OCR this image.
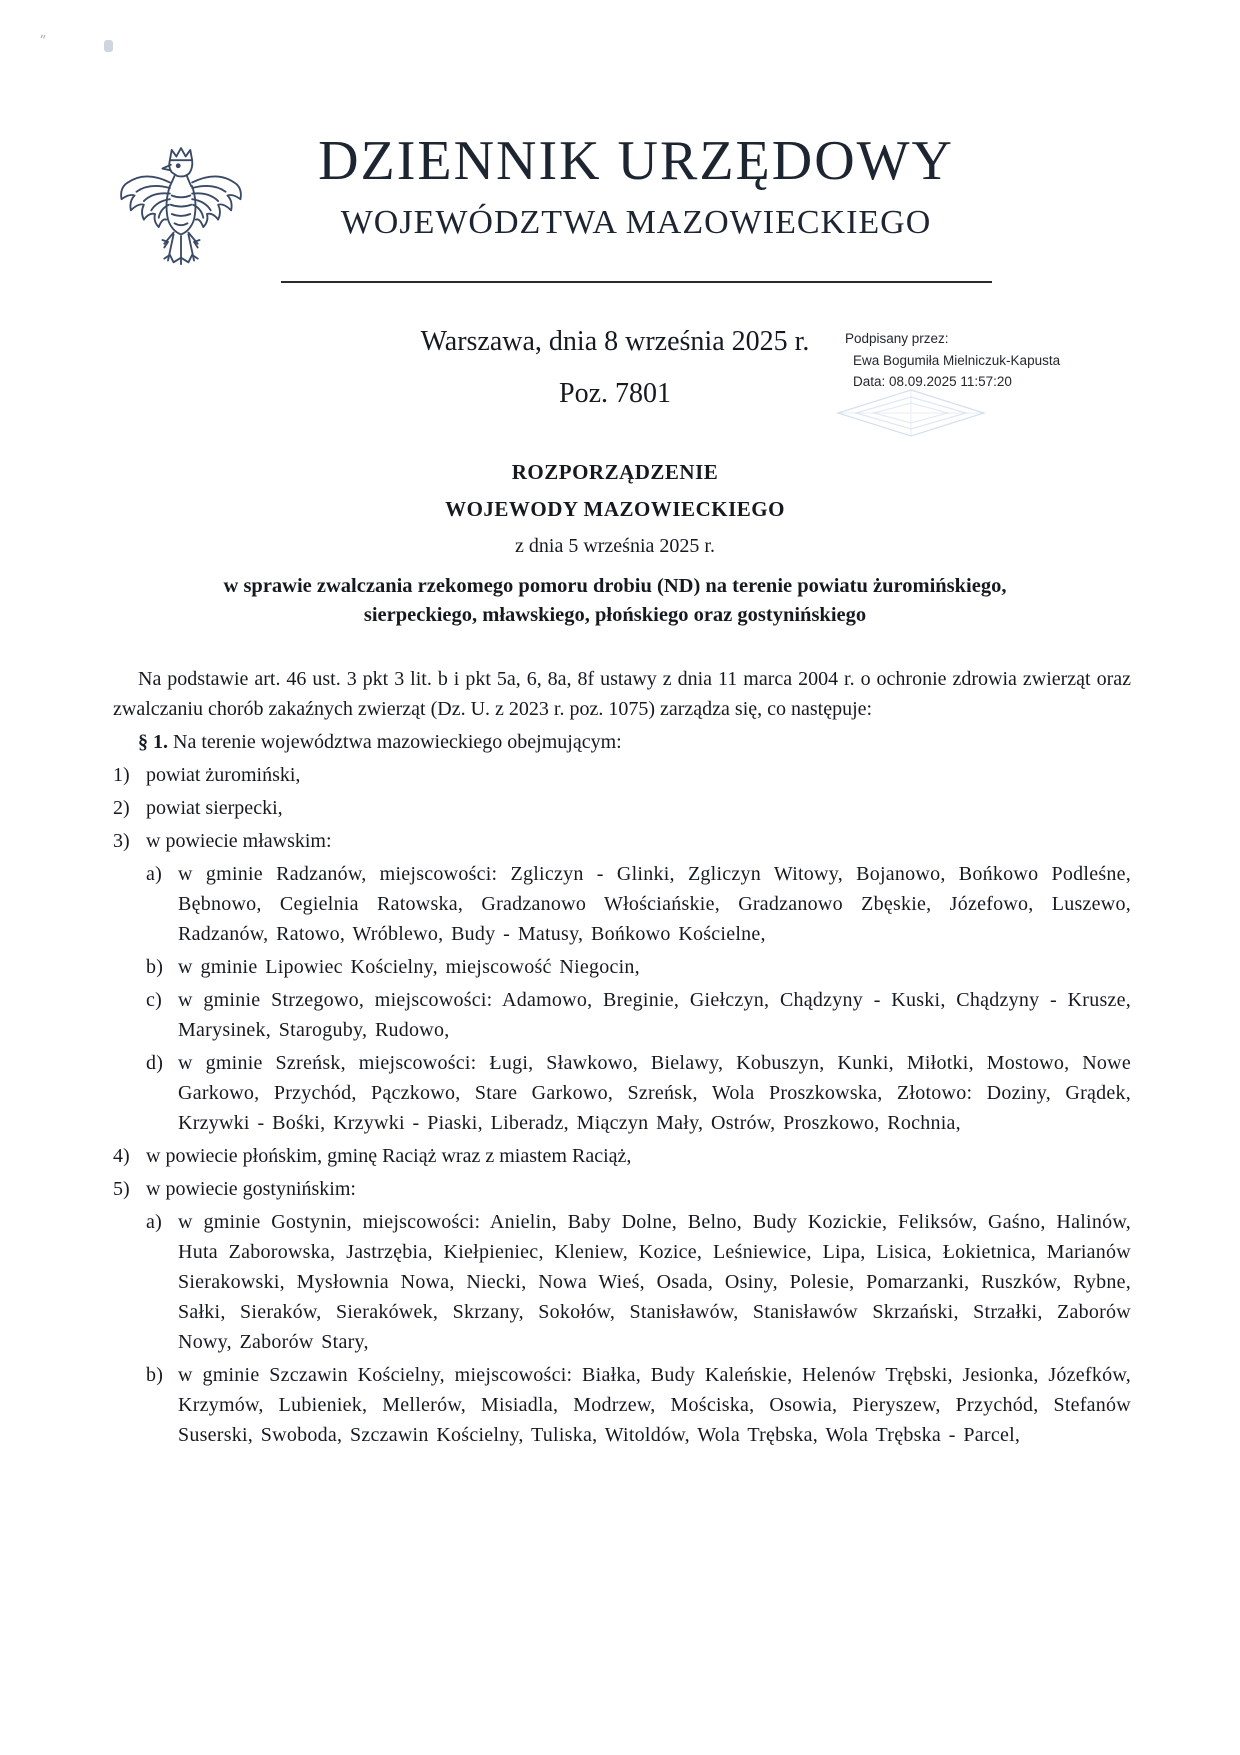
ʺ
DZIENNIK URZĘDOWY
WOJEWÓDZTWA MAZOWIECKIEGO
Warszawa, dnia 8 września 2025 r.
Poz. 7801
Podpisany przez:
Ewa Bogumiła Mielniczuk-Kapusta
Data: 08.09.2025 11:57:20
ROZPORZĄDZENIE
WOJEWODY MAZOWIECKIEGO
z dnia 5 września 2025 r.
w sprawie zwalczania rzekomego pomoru drobiu (ND) na terenie powiatu żuromińskiego,
sierpeckiego, mławskiego, płońskiego oraz gostynińskiego

Na podstawie art. 46 ust. 3 pkt 3 lit. b i pkt 5a, 6, 8a, 8f ustawy z dnia 11 marca 2004 r. o ochronie zdrowia zwierząt oraz zwalczaniu chorób zakaźnych zwierząt (Dz. U. z 2023 r. poz. 1075) zarządza się, co następuje:

§ 1. Na terenie województwa mazowieckiego obejmującym:

1) powiat żuromiński,
2) powiat sierpecki,
3) w powiecie mławskim:
a) w gminie Radzanów, miejscowości: Zgliczyn - Glinki, Zgliczyn Witowy, Bojanowo, Bońkowo Podleśne, Bębnowo, Cegielnia Ratowska, Gradzanowo Włościańskie, Gradzanowo Zbęskie, Józefowo, Luszewo, Radzanów, Ratowo, Wróblewo, Budy - Matusy, Bońkowo Kościelne,
b) w gminie Lipowiec Kościelny, miejscowość Niegocin,
c) w gminie Strzegowo, miejscowości: Adamowo, Breginie, Giełczyn, Chądzyny - Kuski, Chądzyny - Krusze, Marysinek, Staroguby, Rudowo,
d) w gminie Szreńsk, miejscowości: Ługi, Sławkowo, Bielawy, Kobuszyn, Kunki, Miłotki, Mostowo, Nowe Garkowo, Przychód, Pączkowo, Stare Garkowo, Szreńsk, Wola Proszkowska, Złotowo: Doziny, Grądek, Krzywki - Bośki, Krzywki - Piaski, Liberadz, Miączyn Mały, Ostrów, Proszkowo, Rochnia,
4) w powiecie płońskim, gminę Raciąż wraz z miastem Raciąż,
5) w powiecie gostynińskim:
a) w gminie Gostynin, miejscowości: Anielin, Baby Dolne, Belno, Budy Kozickie, Feliksów, Gaśno, Halinów, Huta Zaborowska, Jastrzębia, Kiełpieniec, Kleniew, Kozice, Leśniewice, Lipa, Lisica, Łokietnica, Marianów Sierakowski, Mysłownia Nowa, Niecki, Nowa Wieś, Osada, Osiny, Polesie, Pomarzanki, Ruszków, Rybne, Sałki, Sieraków, Sierakówek, Skrzany, Sokołów, Stanisławów, Stanisławów Skrzański, Strzałki, Zaborów Nowy, Zaborów Stary,
b) w gminie Szczawin Kościelny, miejscowości: Białka, Budy Kaleńskie, Helenów Trębski, Jesionka, Józefków, Krzymów, Lubieniek, Mellerów, Misiadla, Modrzew, Mościska, Osowia, Pieryszew, Przychód, Stefanów Suserski, Swoboda, Szczawin Kościelny, Tuliska, Witoldów, Wola Trębska, Wola Trębska - Parcel,
